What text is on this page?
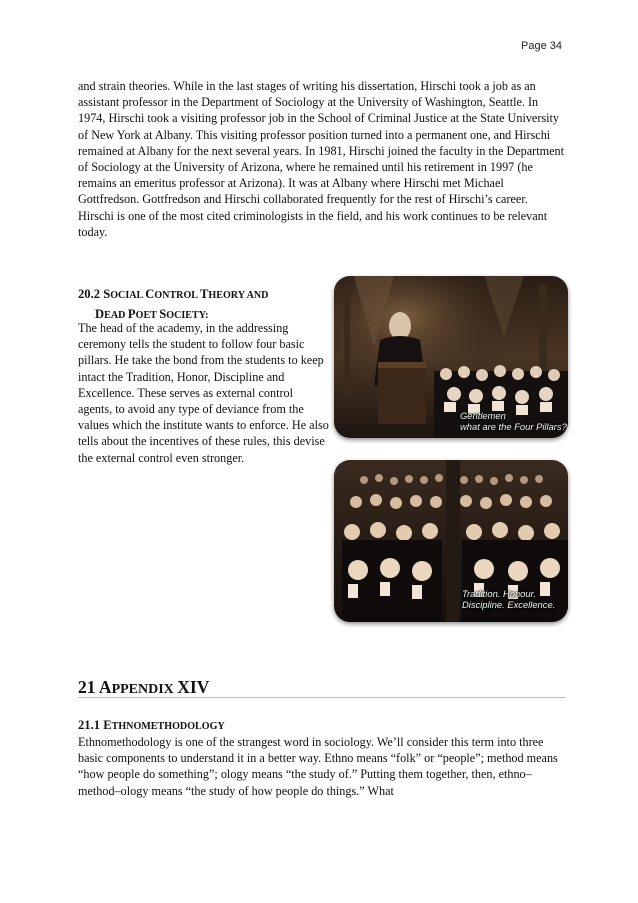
Page 34

and strain theories. While in the last stages of writing his dissertation, Hirschi took a job as an assistant professor in the Department of Sociology at the University of Washington, Seattle. In 1974, Hirschi took a visiting professor job in the School of Criminal Justice at the State University of New York at Albany. This visiting professor position turned into a permanent one, and Hirschi remained at Albany for the next several years. In 1981, Hirschi joined the faculty in the Department of Sociology at the University of Arizona, where he remained until his retirement in 1997 (he remains an emeritus professor at Arizona). It was at Albany where Hirschi met Michael Gottfredson. Gottfredson and Hirschi collaborated frequently for the rest of Hirschi’s career. Hirschi is one of the most cited criminologists in the field, and his work continues to be relevant today.

20.2 SOCIAL CONTROL THEORY AND
DEAD POET SOCIETY:

The head of the academy, in the addressing ceremony tells the student to follow four basic pillars. He take the bond from the students to keep intact the Tradition, Honor, Discipline and Excellence. These serves as external control agents, to avoid any type of deviance from the values which the institute wants to enforce. He also tells about the incentives of these rules, this devise the external control even stronger.

Gentlemen
what are the Four Pillars?
Tradition. Honour.
Discipline. Excellence.
21 APPENDIX XIV
21.1 ETHNOMETHODOLOGY

Ethnomethodology is one of the strangest word in sociology. We’ll consider this term into three basic components to understand it in a better way. Ethno means “folk” or “people”; method means “how people do something”; ology means “the study of.” Putting them together, then, ethno–method–ology means “the study of how people do things.” What
